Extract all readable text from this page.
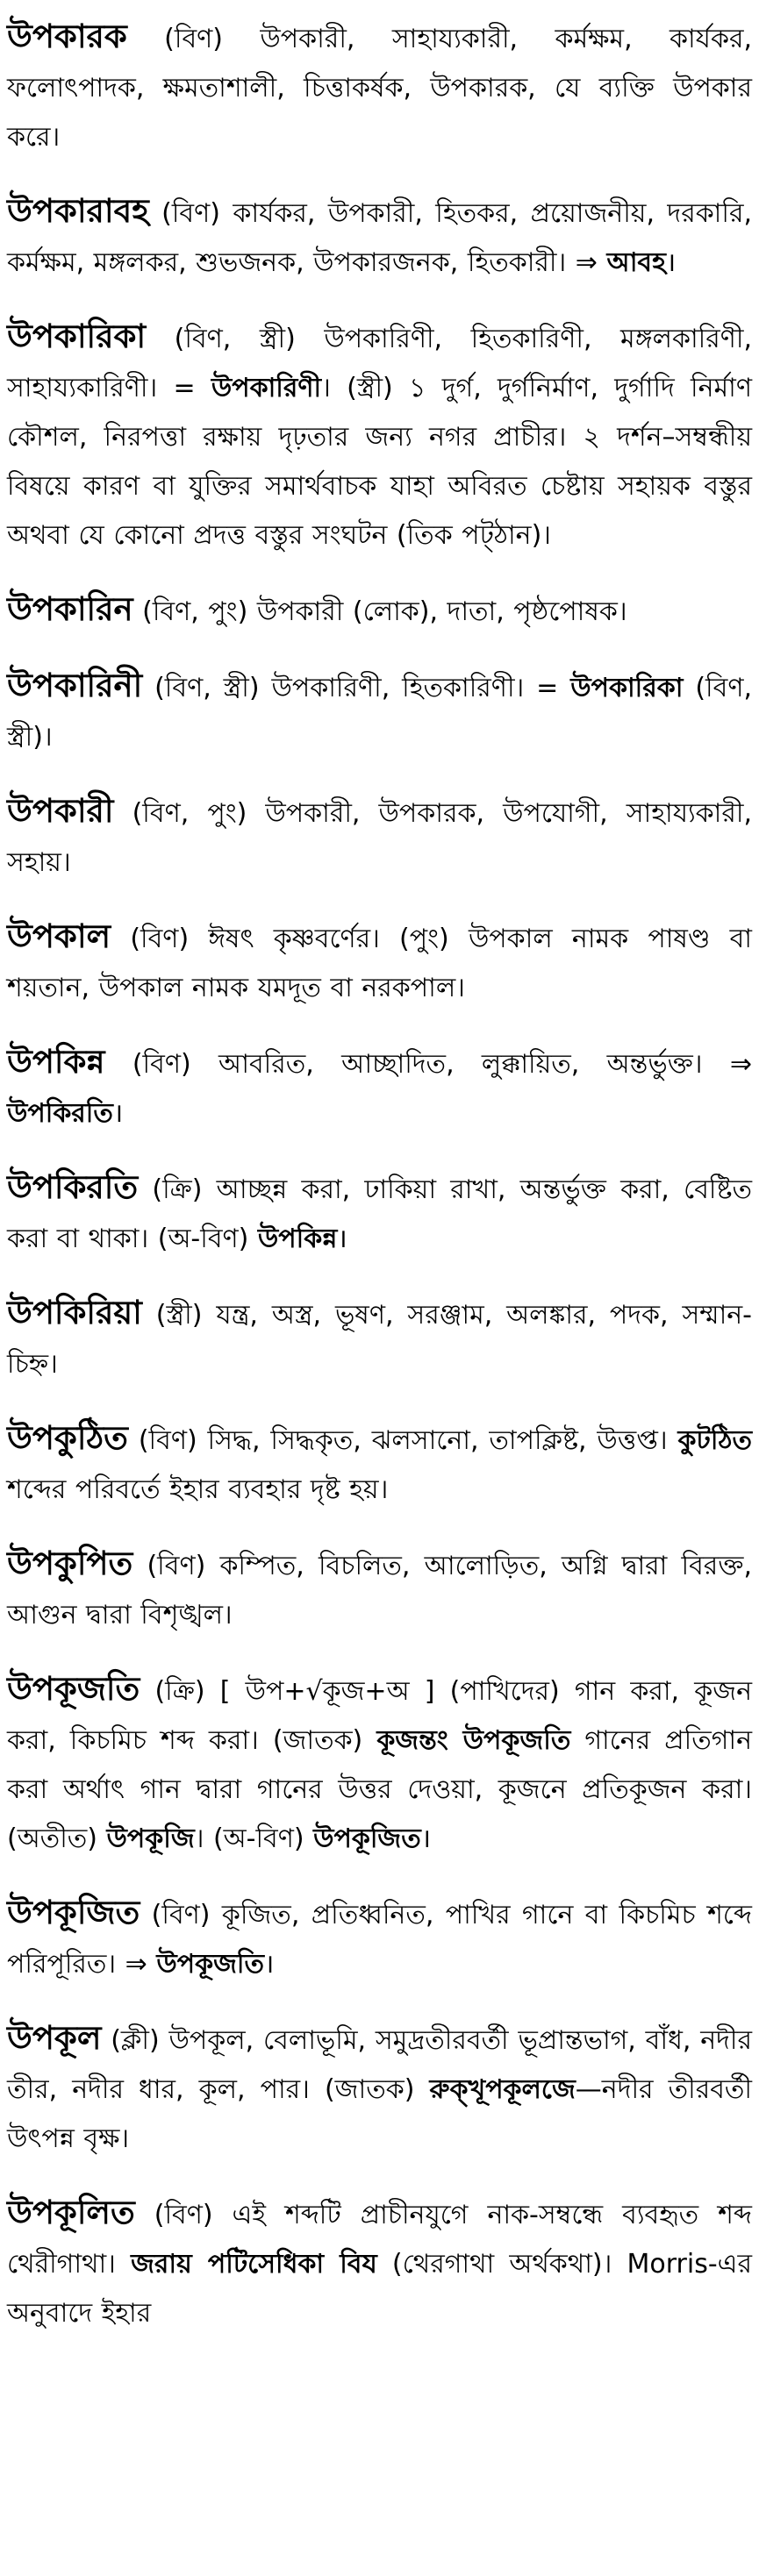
উপকারক (বিণ) উপকারী, সাহায্যকারী, কর্মক্ষম, কার্যকর, ফলোৎপাদক, ক্ষমতাশালী, চিত্তাকর্ষক, উপকারক, যে ব্যক্তি উপকার করে।
উপকারাবহ (বিণ) কার্যকর, উপকারী, হিতকর, প্রয়োজনীয়, দরকারি, কর্মক্ষম, মঙ্গলকর, শুভজনক, উপকারজনক, হিতকারী। ⇒ আবহ।
উপকারিকা (বিণ, স্ত্রী) উপকারিণী, হিতকারিণী, মঙ্গলকারিণী, সাহায্যকারিণী। = উপকারিণী। (স্ত্রী) ১ দুর্গ, দুর্গনির্মাণ, দুর্গাদি নির্মাণ কৌশল, নিরপত্তা রক্ষায় দৃঢ়তার জন্য নগর প্রাচীর। ২ দর্শন–সম্বন্ধীয় বিষয়ে কারণ বা যুক্তির সমার্থবাচক যাহা অবিরত চেষ্টায় সহায়ক বস্তুর অথবা যে কোনো প্রদত্ত বস্তুর সংঘটন (তিক পট্‌ঠান)।
উপকারিন (বিণ, পুং) উপকারী (লোক), দাতা, পৃষ্ঠপোষক।
উপকারিনী (বিণ, স্ত্রী) উপকারিণী, হিতকারিণী। = উপকারিকা (বিণ, স্ত্রী)।
উপকারী (বিণ, পুং) উপকারী, উপকারক, উপযোগী, সাহায্যকারী, সহায়।
উপকাল (বিণ) ঈষৎ কৃষ্ণবর্ণের। (পুং) উপকাল নামক পাষণ্ড বা শয়তান, উপকাল নামক যমদূত বা নরকপাল।
উপকিন্ন (বিণ) আবরিত, আচ্ছাদিত, লুক্কায়িত, অন্তর্ভুক্ত। ⇒ উপকিরতি।
উপকিরতি (ক্রি) আচ্ছন্ন করা, ঢাকিয়া রাখা, অন্তর্ভুক্ত করা, বেষ্টিত করা বা থাকা। (অ-বিণ) উপকিন্ন।
উপকিরিয়া (স্ত্রী) যন্ত্র, অস্ত্র, ভূষণ, সরঞ্জাম, অলঙ্কার, পদক, সম্মান-চিহ্ন।
উপকুঠিত (বিণ) সিদ্ধ, সিদ্ধকৃত, ঝলসানো, তাপক্লিষ্ট, উত্তপ্ত। কুটঠিত শব্দের পরিবর্তে ইহার ব্যবহার দৃষ্ট হয়।
উপকুপিত (বিণ) কম্পিত, বিচলিত, আলোড়িত, অগ্নি দ্বারা বিরক্ত, আগুন দ্বারা বিশৃঙ্খল।
উপকূজতি (ক্রি) [ উপ+√কূজ+অ ] (পাখিদের) গান করা, কূজন করা, কিচমিচ শব্দ করা। (জাতক) কূজন্তং উপকূজতি গানের প্রতিগান করা অর্থাৎ গান দ্বারা গানের উত্তর দেওয়া, কূজনে প্রতিকূজন করা। (অতীত) উপকূজি। (অ-বিণ) উপকূজিত।
উপকূজিত (বিণ) কূজিত, প্রতিধ্বনিত, পাখির গানে বা কিচমিচ শব্দে পরিপূরিত। ⇒ উপকূজতি।
উপকূল (ক্লী) উপকূল, বেলাভূমি, সমুদ্রতীরবর্তী ভূপ্রান্তভাগ, বাঁধ, নদীর তীর, নদীর ধার, কূল, পার। (জাতক) রুক্‌খূপকূলজে—নদীর তীরবর্তী উৎপন্ন বৃক্ষ।
উপকূলিত (বিণ) এই শব্দটি প্রাচীনযুগে নাক-সম্বন্ধে ব্যবহৃত শব্দ থেরীগাথা। জরায় পটিসেধিকা বিয (থেরগাথা অর্থকথা)। Morris-এর অনুবাদে ইহার
